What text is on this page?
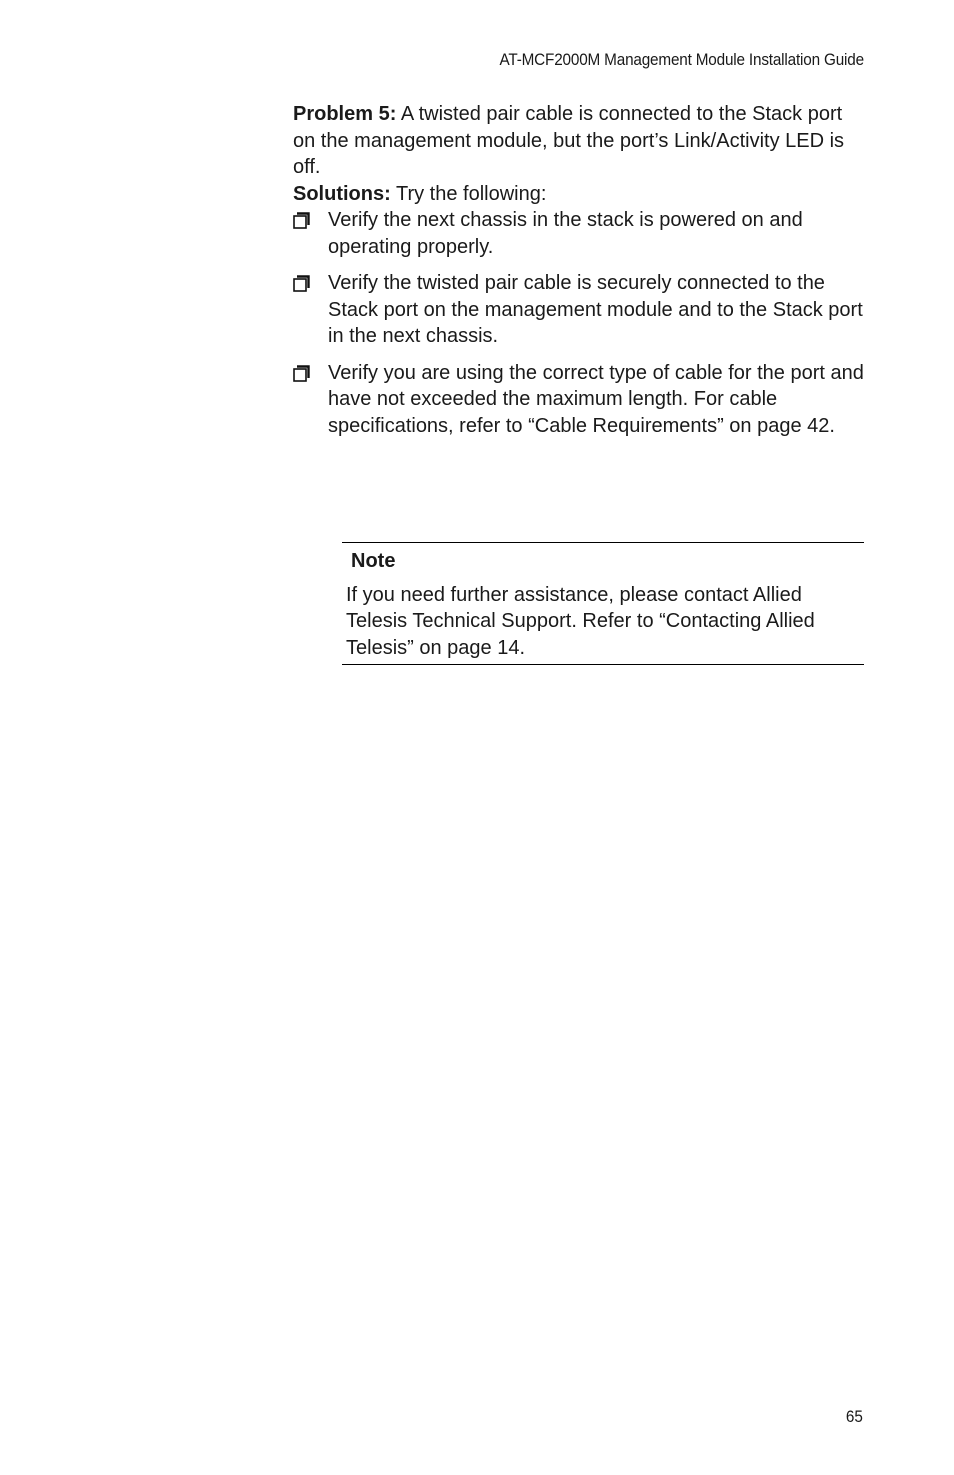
AT-MCF2000M Management Module Installation Guide

Problem 5: A twisted pair cable is connected to the Stack port on the management module, but the port’s Link/Activity LED is off.

Solutions: Try the following:

Verify the next chassis in the stack is powered on and operating properly.
Verify the twisted pair cable is securely connected to the Stack port on the management module and to the Stack port in the next chassis.
Verify you are using the correct type of cable for the port and have not exceeded the maximum length. For cable specifications, refer to “Cable Requirements” on page 42.
Note

If you need further assistance, please contact Allied Telesis Technical Support. Refer to “Contacting Allied Telesis” on page 14.

65
